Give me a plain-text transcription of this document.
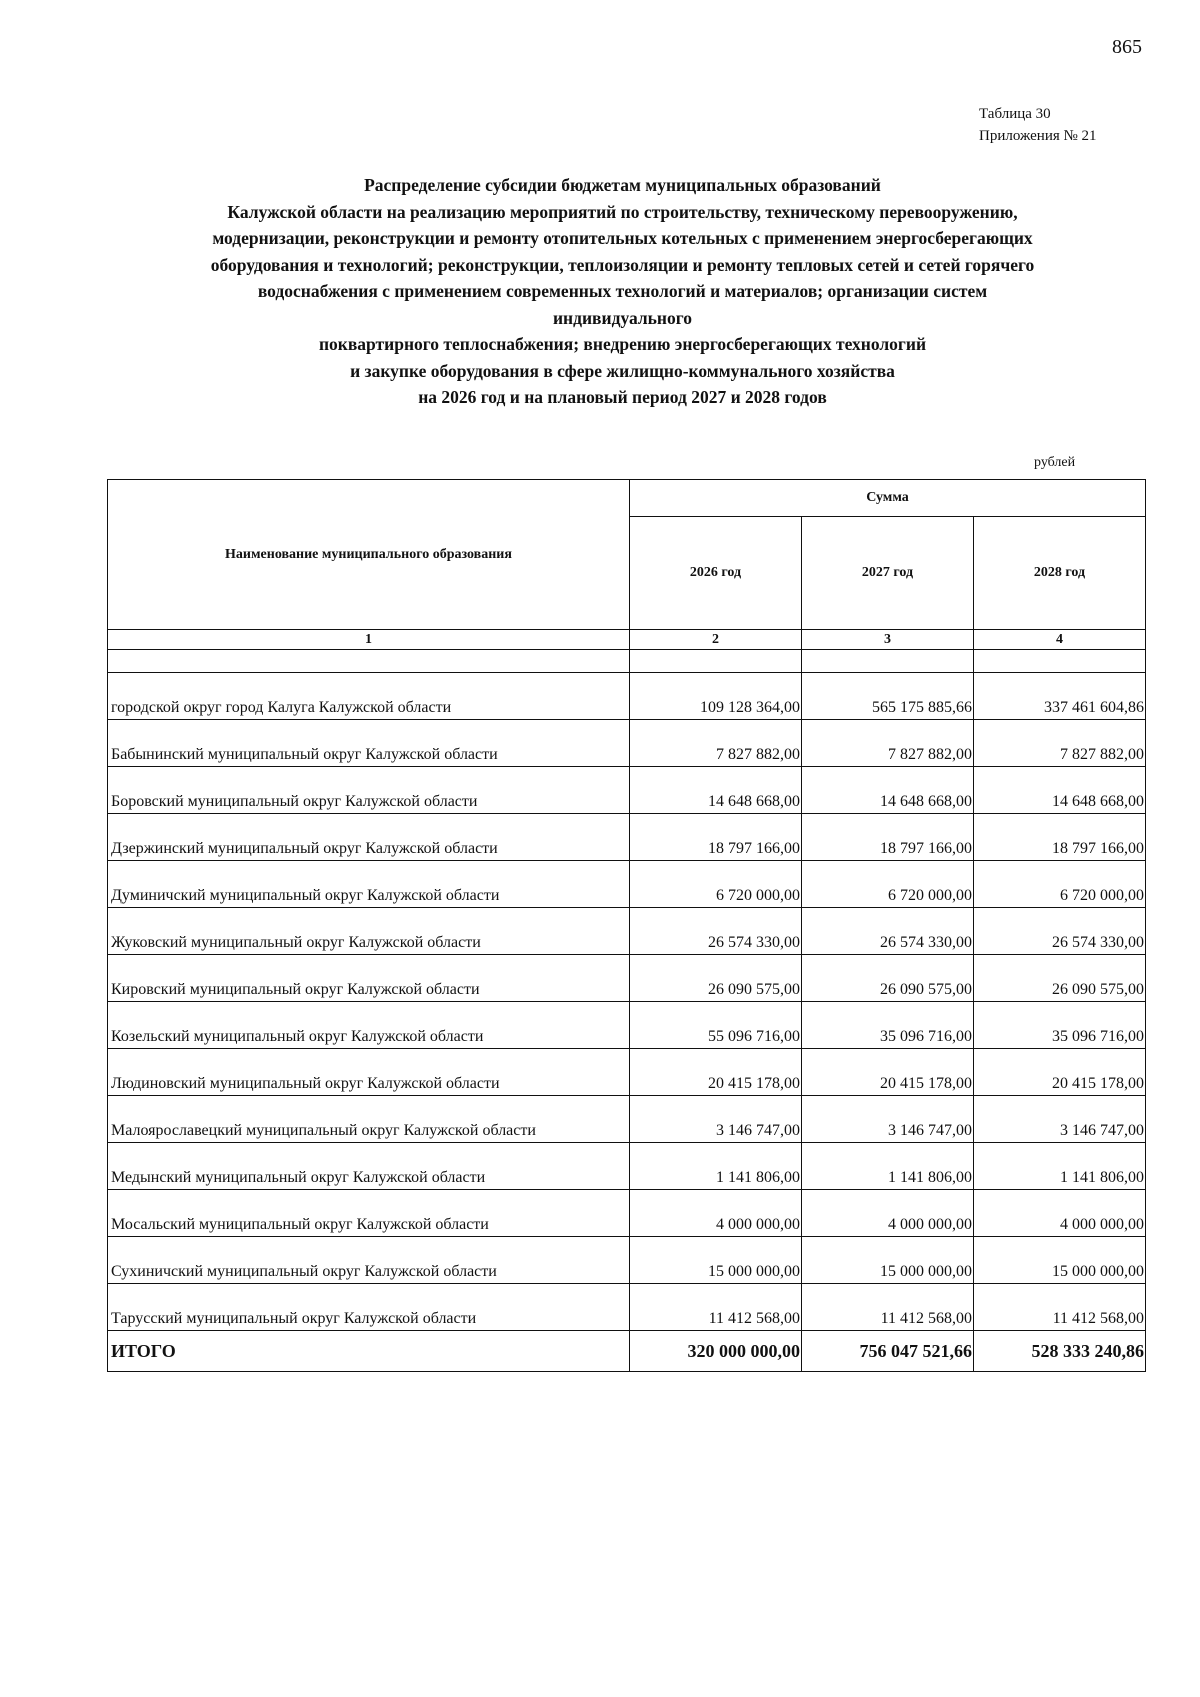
865
Таблица 30
Приложения № 21
Распределение субсидии бюджетам муниципальных образований
Калужской области на реализацию мероприятий по строительству, техническому перевооружению,
модернизации, реконструкции и ремонту отопительных котельных с применением энергосберегающих
оборудования и технологий; реконструкции, теплоизоляции и ремонту тепловых сетей и сетей горячего
водоснабжения с применением современных технологий и материалов; организации систем
индивидуального
поквартирного теплоснабжения; внедрению энергосберегающих технологий
и закупке оборудования в сфере жилищно-коммунального хозяйства
на 2026 год и на плановый период 2027 и 2028 годов
рублей
Наименование муниципального образования	Сумма		
	2026 год	2027 год	2028 год
1	2	3	4

городской округ город Калуга Калужской области	109 128 364,00	565 175 885,66	337 461 604,86
Бабынинский муниципальный округ Калужской области	7 827 882,00	7 827 882,00	7 827 882,00
Боровский муниципальный округ Калужской области	14 648 668,00	14 648 668,00	14 648 668,00
Дзержинский муниципальный округ Калужской области	18 797 166,00	18 797 166,00	18 797 166,00
Думиничский муниципальный округ Калужской области	6 720 000,00	6 720 000,00	6 720 000,00
Жуковский муниципальный округ Калужской области	26 574 330,00	26 574 330,00	26 574 330,00
Кировский муниципальный округ Калужской области	26 090 575,00	26 090 575,00	26 090 575,00
Козельский муниципальный округ Калужской области	55 096 716,00	35 096 716,00	35 096 716,00
Людиновский муниципальный округ Калужской области	20 415 178,00	20 415 178,00	20 415 178,00
Малоярославецкий муниципальный округ Калужской области	3 146 747,00	3 146 747,00	3 146 747,00
Медынский муниципальный округ Калужской области	1 141 806,00	1 141 806,00	1 141 806,00
Мосальский муниципальный округ Калужской области	4 000 000,00	4 000 000,00	4 000 000,00
Сухиничский муниципальный округ Калужской области	15 000 000,00	15 000 000,00	15 000 000,00
Тарусский муниципальный округ Калужской области	11 412 568,00	11 412 568,00	11 412 568,00
ИТОГО	320 000 000,00	756 047 521,66	528 333 240,86
